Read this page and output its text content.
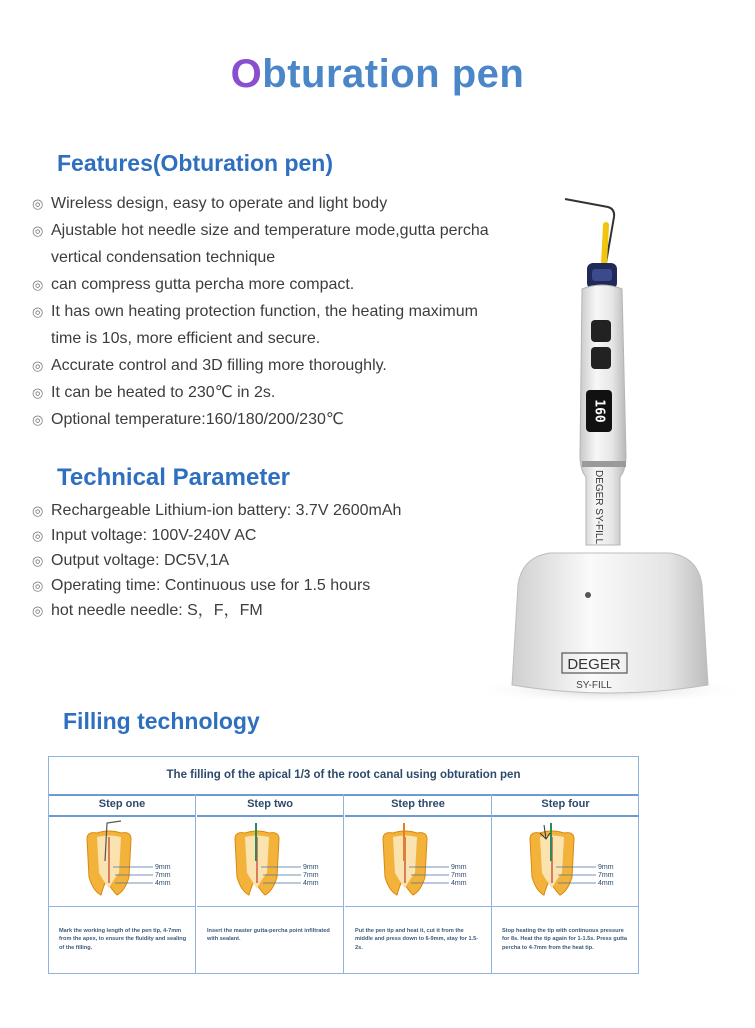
Obturation pen
Features(Obturation pen)
◎ Wireless design, easy to operate and light body
◎ Ajustable hot needle size and temperature mode,gutta percha
vertical condensation technique
◎ can compress gutta percha more compact.
◎ It has own heating protection function, the heating maximum
time is 10s, more efficient and secure.
◎ Accurate control and 3D filling more thoroughly.
◎ It can be heated to 230℃ in 2s.
◎ Optional temperature:160/180/200/230℃
Technical Parameter
◎ Rechargeable Lithium-ion battery: 3.7V 2600mAh
◎ Input voltage: 100V-240V AC
◎ Output voltage: DC5V,1A
◎ Operating time: Continuous use for 1.5 hours
◎ hot needle needle: S，F，FM
160
DEGER SY-FILL
DEGER
SY-FILL
Filling technology
The filling of the apical 1/3 of the root canal using obturation pen
Step one
9mm
7mm
4mm
Mark the working length of the pen tip, 4-7mm from the apex, to ensure the fluidity and sealing of the filling.
Step two
9mm
7mm
4mm
Insert the master gutta-percha point infiltrated with sealant.
Step three
9mm
7mm
4mm
Put the pen tip and heat it, cut it from the middle and press down to 6-9mm, stay for 1.5-2s.
Step four
9mm
7mm
4mm
Stop heating the tip with continuous pressure for 8s. Heat the tip again for 1-1.5s. Press gutta percha to 4-7mm from the heat tip.
